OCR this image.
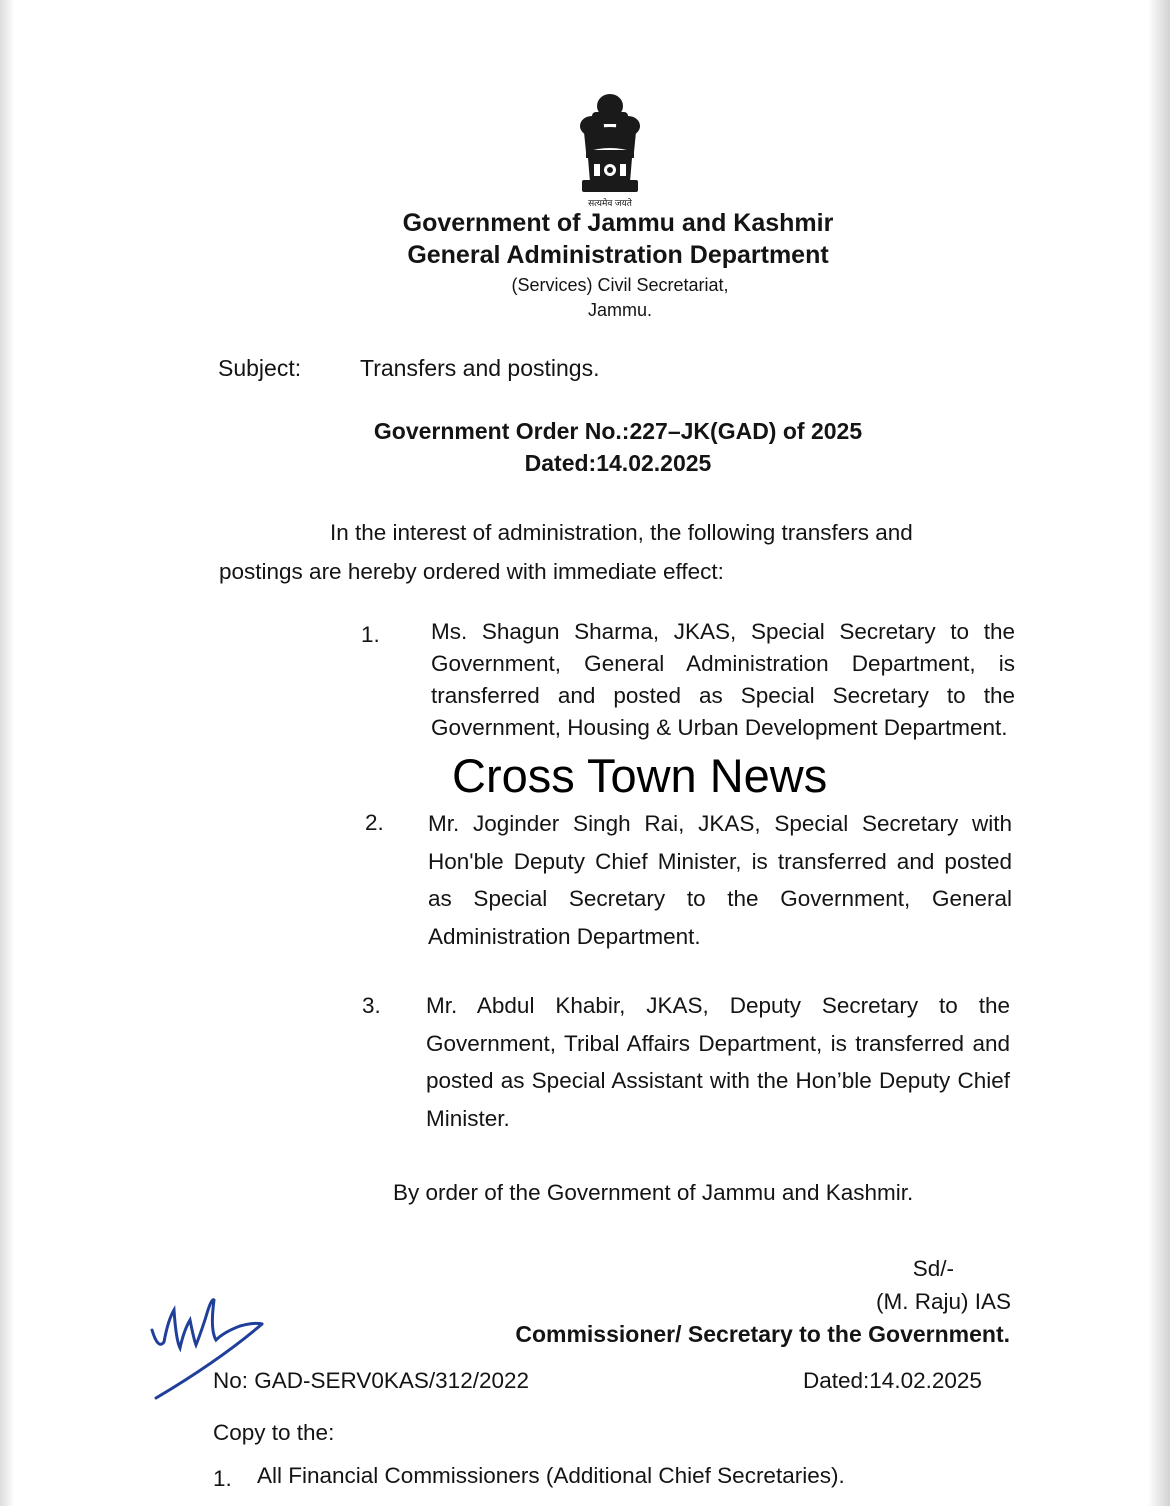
सत्यमेव जयते
Government of Jammu and Kashmir
General Administration Department
(Services) Civil Secretariat,
Jammu.
Subject:	Transfers and postings.
Government Order No.:227–JK(GAD) of 2025
Dated:14.02.2025
In the interest of administration, the following transfers and
postings are hereby ordered with immediate effect:
1. Ms. Shagun Sharma, JKAS, Special Secretary to the Government, General Administration Department, is transferred and posted as Special Secretary to the Government, Housing & Urban Development Department.
2. Mr. Joginder Singh Rai, JKAS, Special Secretary with Hon'ble Deputy Chief Minister, is transferred and posted as Special Secretary to the Government, General Administration Department.
3. Mr. Abdul Khabir, JKAS, Deputy Secretary to the Government, Tribal Affairs Department, is transferred and posted as Special Assistant with the Hon’ble Deputy Chief Minister.
Cross Town News
By order of the Government of Jammu and Kashmir.
Sd/-
(M. Raju) IAS
Commissioner/ Secretary to the Government.
No: GAD-SERV0KAS/312/2022	Dated:14.02.2025
Copy to the:
1. All Financial Commissioners (Additional Chief Secretaries).
